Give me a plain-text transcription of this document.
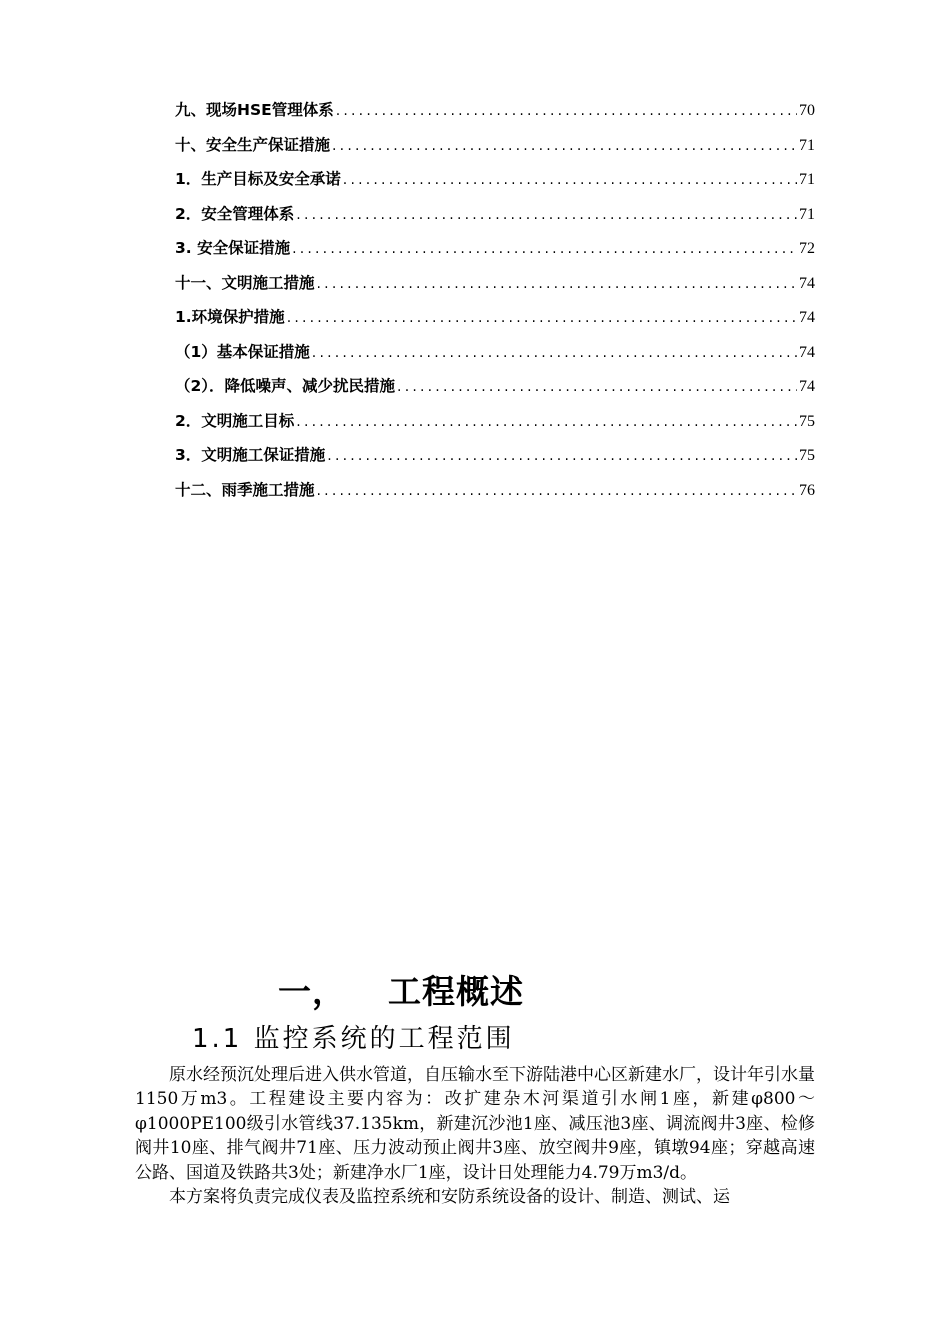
九、现场HSE管理体系 .....	70
十、安全生产保证措施 .....	71
1．生产目标及安全承诺 .....	71
2．安全管理体系 .....	71
3. 安全保证措施 .....	72
十一、文明施工措施 .....	74
1.环境保护措施 .....	74
（1）基本保证措施 .....	74
（2）．降低噪声、减少扰民措施 .....	74
2．文明施工目标 .....	75
3．文明施工保证措施 .....	75
十二、雨季施工措施 .....	76
一， 工程概述
1.1 监控系统的工程范围

原水经预沉处理后进入供水管道，自压输水至下游陆港中心区新建水厂，设计年引水量1150万m3。工程建设主要内容为：改扩建杂木河渠道引水闸1座，新建φ800～φ1000PE100级引水管线37.135km，新建沉沙池1座、减压池3座、调流阀井3座、检修阀井10座、排气阀井71座、压力波动预止阀井3座、放空阀井9座，镇墩94座；穿越高速公路、国道及铁路共3处；新建净水厂1座，设计日处理能力4.79万m3/d。

本方案将负责完成仪表及监控系统和安防系统设备的设计、制造、测试、运
